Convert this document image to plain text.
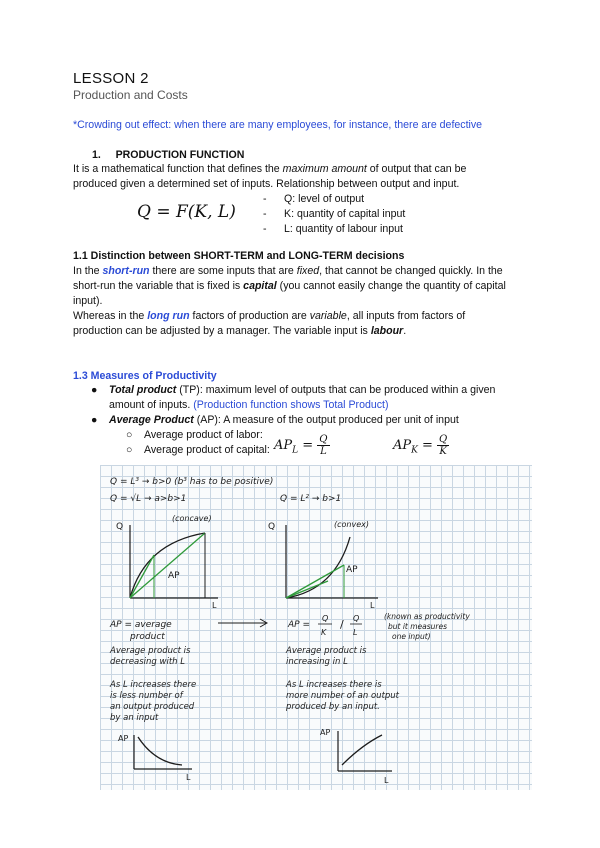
LESSON 2
Production and Costs
*Crowding out effect: when there are many employees, for instance, there are defective
1. PRODUCTION FUNCTION
It is a mathematical function that defines the maximum amount of output that can be
produced given a determined set of inputs. Relationship between output and input.
Q = F(K, L)
- Q: level of output
- K: quantity of capital input
- L: quantity of labour input
1.1 Distinction between SHORT-TERM and LONG-TERM decisions
In the short-run there are some inputs that are fixed, that cannot be changed quickly. In the
short-run the variable that is fixed is capital (you cannot easily change the quantity of capital
input).
Whereas in the long run factors of production are variable, all inputs from factors of
production can be adjusted by a manager. The variable input is labour.
1.3 Measures of Productivity
●	Total product (TP): maximum level of outputs that can be produced within a given
amount of inputs. (Production function shows Total Product)
●	Average Product (AP): A measure of the output produced per unit of input
○ Average product of labor:
○ Average product of capital: $AP_L = \frac{Q}{L}$	$AP_K = \frac{Q}{K}$
Q = L³ → b>0 (b³ has to be positive)
Q = √L → a>b>1	Q = L² → b>1
(concave)
Q
AP
L
(convex)
Q
AP
L
AP = average
product
AP =
Q
K
/ Q
L
(known as productivity
but it measures
one input)
Average product is
decreasing with L
Average product is
increasing in L
As L increases there
is less number of
an output produced
by an input
As L increases there is
more number of an output
produced by an input.
AP
L
AP
L
